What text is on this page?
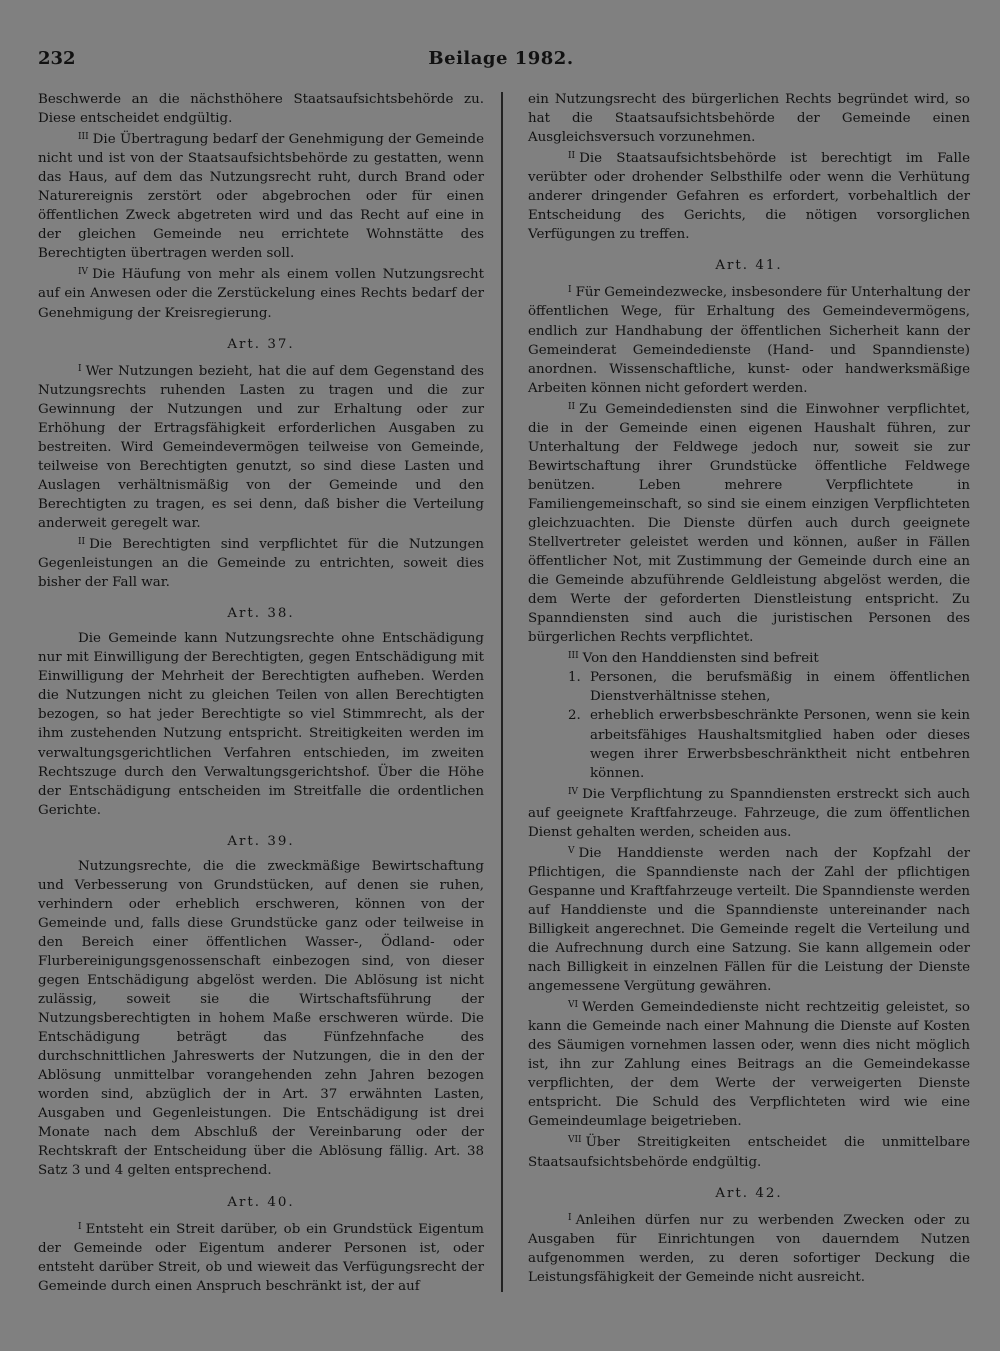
232	Beilage 1982.

Beschwerde an die nächsthöhere Staatsaufsichtsbehörde zu. Diese entscheidet endgültig.

$^{III}$ Die Übertragung bedarf der Genehmigung der Gemeinde nicht und ist von der Staatsaufsichtsbehörde zu gestatten, wenn das Haus, auf dem das Nutzungsrecht ruht, durch Brand oder Naturereignis zerstört oder abgebrochen oder für einen öffentlichen Zweck abgetreten wird und das Recht auf eine in der gleichen Gemeinde neu errichtete Wohnstätte des Berechtigten übertragen werden soll.

$^{IV}$ Die Häufung von mehr als einem vollen Nutzungsrecht auf ein Anwesen oder die Zerstückelung eines Rechts bedarf der Genehmigung der Kreisregierung.

Art. 37.

$^I$ Wer Nutzungen bezieht, hat die auf dem Gegenstand des Nutzungsrechts ruhenden Lasten zu tragen und die zur Gewinnung der Nutzungen und zur Erhaltung oder zur Erhöhung der Ertragsfähigkeit erforderlichen Ausgaben zu bestreiten. Wird Gemeindevermögen teilweise von Gemeinde, teilweise von Berechtigten genutzt, so sind diese Lasten und Auslagen verhältnismäßig von der Gemeinde und den Berechtigten zu tragen, es sei denn, daß bisher die Verteilung anderweit geregelt war.

$^{II}$ Die Berechtigten sind verpflichtet für die Nutzungen Gegenleistungen an die Gemeinde zu entrichten, soweit dies bisher der Fall war.

Art. 38.

Die Gemeinde kann Nutzungsrechte ohne Entschädigung nur mit Einwilligung der Berechtigten, gegen Entschädigung mit Einwilligung der Mehrheit der Berechtigten aufheben. Werden die Nutzungen nicht zu gleichen Teilen von allen Berechtigten bezogen, so hat jeder Berechtigte so viel Stimmrecht, als der ihm zustehenden Nutzung entspricht. Streitigkeiten werden im verwaltungsgerichtlichen Verfahren entschieden, im zweiten Rechtszuge durch den Verwaltungsgerichtshof. Über die Höhe der Entschädigung entscheiden im Streitfalle die ordentlichen Gerichte.

Art. 39.

Nutzungsrechte, die die zweckmäßige Bewirtschaftung und Verbesserung von Grundstücken, auf denen sie ruhen, verhindern oder erheblich erschweren, können von der Gemeinde und, falls diese Grundstücke ganz oder teilweise in den Bereich einer öffentlichen Wasser-, Ödland- oder Flurbereinigungsgenossenschaft einbezogen sind, von dieser gegen Entschädigung abgelöst werden. Die Ablösung ist nicht zulässig, soweit sie die Wirtschaftsführung der Nutzungsberechtigten in hohem Maße erschweren würde. Die Entschädigung beträgt das Fünfzehnfache des durchschnittlichen Jahreswerts der Nutzungen, die in den der Ablösung unmittelbar vorangehenden zehn Jahren bezogen worden sind, abzüglich der in Art. 37 erwähnten Lasten, Ausgaben und Gegenleistungen. Die Entschädigung ist drei Monate nach dem Abschluß der Vereinbarung oder der Rechtskraft der Entscheidung über die Ablösung fällig. Art. 38 Satz 3 und 4 gelten entsprechend.

Art. 40.

$^I$ Entsteht ein Streit darüber, ob ein Grundstück Eigentum der Gemeinde oder Eigentum anderer Personen ist, oder entsteht darüber Streit, ob und wieweit das Verfügungsrecht der Gemeinde durch einen Anspruch beschränkt ist, der auf

ein Nutzungsrecht des bürgerlichen Rechts begründet wird, so hat die Staatsaufsichtsbehörde der Gemeinde einen Ausgleichsversuch vorzunehmen.

$^{II}$ Die Staatsaufsichtsbehörde ist berechtigt im Falle verübter oder drohender Selbsthilfe oder wenn die Verhütung anderer dringender Gefahren es erfordert, vorbehaltlich der Entscheidung des Gerichts, die nötigen vorsorglichen Verfügungen zu treffen.

Art. 41.

$^I$ Für Gemeindezwecke, insbesondere für Unterhaltung der öffentlichen Wege, für Erhaltung des Gemeindevermögens, endlich zur Handhabung der öffentlichen Sicherheit kann der Gemeinderat Gemeindedienste (Hand- und Spanndienste) anordnen. Wissenschaftliche, kunst- oder handwerksmäßige Arbeiten können nicht gefordert werden.

$^{II}$ Zu Gemeindediensten sind die Einwohner verpflichtet, die in der Gemeinde einen eigenen Haushalt führen, zur Unterhaltung der Feldwege jedoch nur, soweit sie zur Bewirtschaftung ihrer Grundstücke öffentliche Feldwege benützen. Leben mehrere Verpflichtete in Familiengemeinschaft, so sind sie einem einzigen Verpflichteten gleichzuachten. Die Dienste dürfen auch durch geeignete Stellvertreter geleistet werden und können, außer in Fällen öffentlicher Not, mit Zustimmung der Gemeinde durch eine an die Gemeinde abzuführende Geldleistung abgelöst werden, die dem Werte der geforderten Dienstleistung entspricht. Zu Spanndiensten sind auch die juristischen Personen des bürgerlichen Rechts verpflichtet.

$^{III}$ Von den Handdiensten sind befreit

1. Personen, die berufsmäßig in einem öffentlichen Dienstverhältnisse stehen,
2. erheblich erwerbsbeschränkte Personen, wenn sie kein arbeitsfähiges Haushaltsmitglied haben oder dieses wegen ihrer Erwerbsbeschränktheit nicht entbehren können.

$^{IV}$ Die Verpflichtung zu Spanndiensten erstreckt sich auch auf geeignete Kraftfahrzeuge. Fahrzeuge, die zum öffentlichen Dienst gehalten werden, scheiden aus.

$^V$ Die Handdienste werden nach der Kopfzahl der Pflichtigen, die Spanndienste nach der Zahl der pflichtigen Gespanne und Kraftfahrzeuge verteilt. Die Spanndienste werden auf Handdienste und die Spanndienste untereinander nach Billigkeit angerechnet. Die Gemeinde regelt die Verteilung und die Aufrechnung durch eine Satzung. Sie kann allgemein oder nach Billigkeit in einzelnen Fällen für die Leistung der Dienste angemessene Vergütung gewähren.

$^{VI}$ Werden Gemeindedienste nicht rechtzeitig geleistet, so kann die Gemeinde nach einer Mahnung die Dienste auf Kosten des Säumigen vornehmen lassen oder, wenn dies nicht möglich ist, ihn zur Zahlung eines Beitrags an die Gemeindekasse verpflichten, der dem Werte der verweigerten Dienste entspricht. Die Schuld des Verpflichteten wird wie eine Gemeindeumlage beigetrieben.

$^{VII}$ Über Streitigkeiten entscheidet die unmittelbare Staatsaufsichtsbehörde endgültig.

Art. 42.

$^I$ Anleihen dürfen nur zu werbenden Zwecken oder zu Ausgaben für Einrichtungen von dauerndem Nutzen aufgenommen werden, zu deren sofortiger Deckung die Leistungsfähigkeit der Gemeinde nicht ausreicht.
